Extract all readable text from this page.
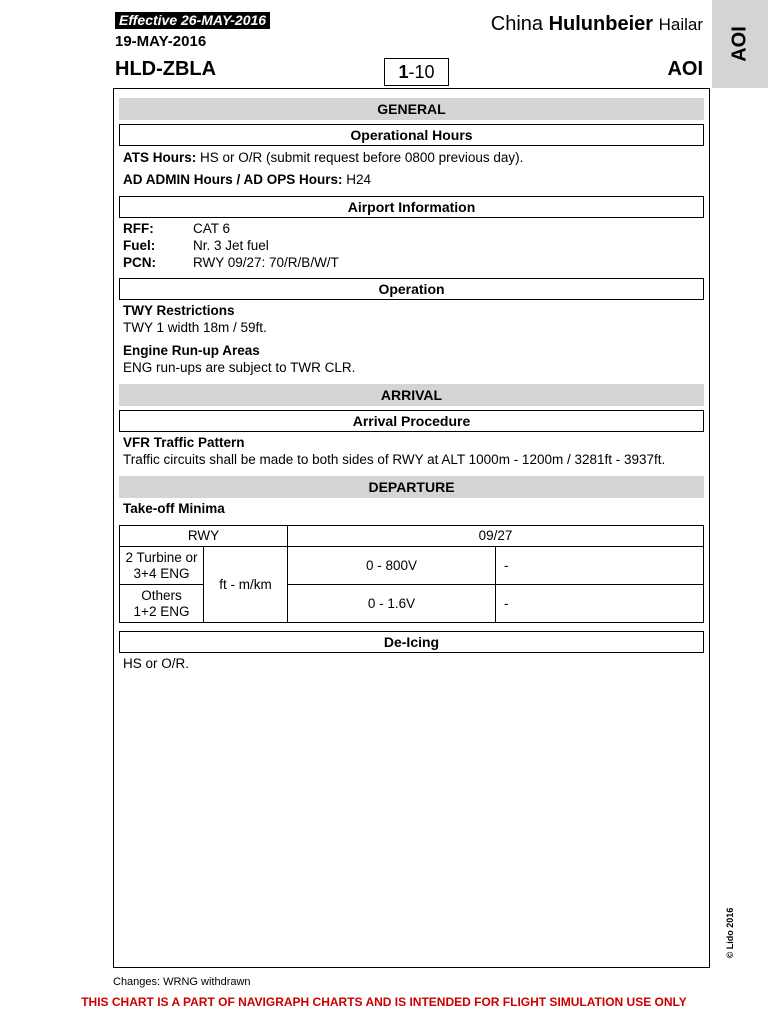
Effective 26-MAY-2016
19-MAY-2016
HLD-ZBLA	1-10
China Hulunbeier Hailar
AOI
AOI
GENERAL
Operational Hours
ATS Hours: HS or O/R (submit request before 0800 previous day).
AD ADMIN Hours / AD OPS Hours: H24
Airport Information
RFF:	CAT 6
Fuel:	Nr. 3 Jet fuel
PCN:	RWY 09/27: 70/R/B/W/T
Operation
TWY Restrictions
TWY 1 width 18m / 59ft.
Engine Run-up Areas
ENG run-ups are subject to TWR CLR.
ARRIVAL
Arrival Procedure
VFR Traffic Pattern
Traffic circuits shall be made to both sides of RWY at ALT 1000m - 1200m / 3281ft - 3937ft.
DEPARTURE
Take-off Minima
RWY		09/27	
2 Turbine or
3+4 ENG	ft - m/km	0 - 800V	-
Others
1+2 ENG		0 - 1.6V	-
De-Icing
HS or O/R.
Changes: WRNG withdrawn
© Lido 2016
THIS CHART IS A PART OF NAVIGRAPH CHARTS AND IS INTENDED FOR FLIGHT SIMULATION USE ONLY
